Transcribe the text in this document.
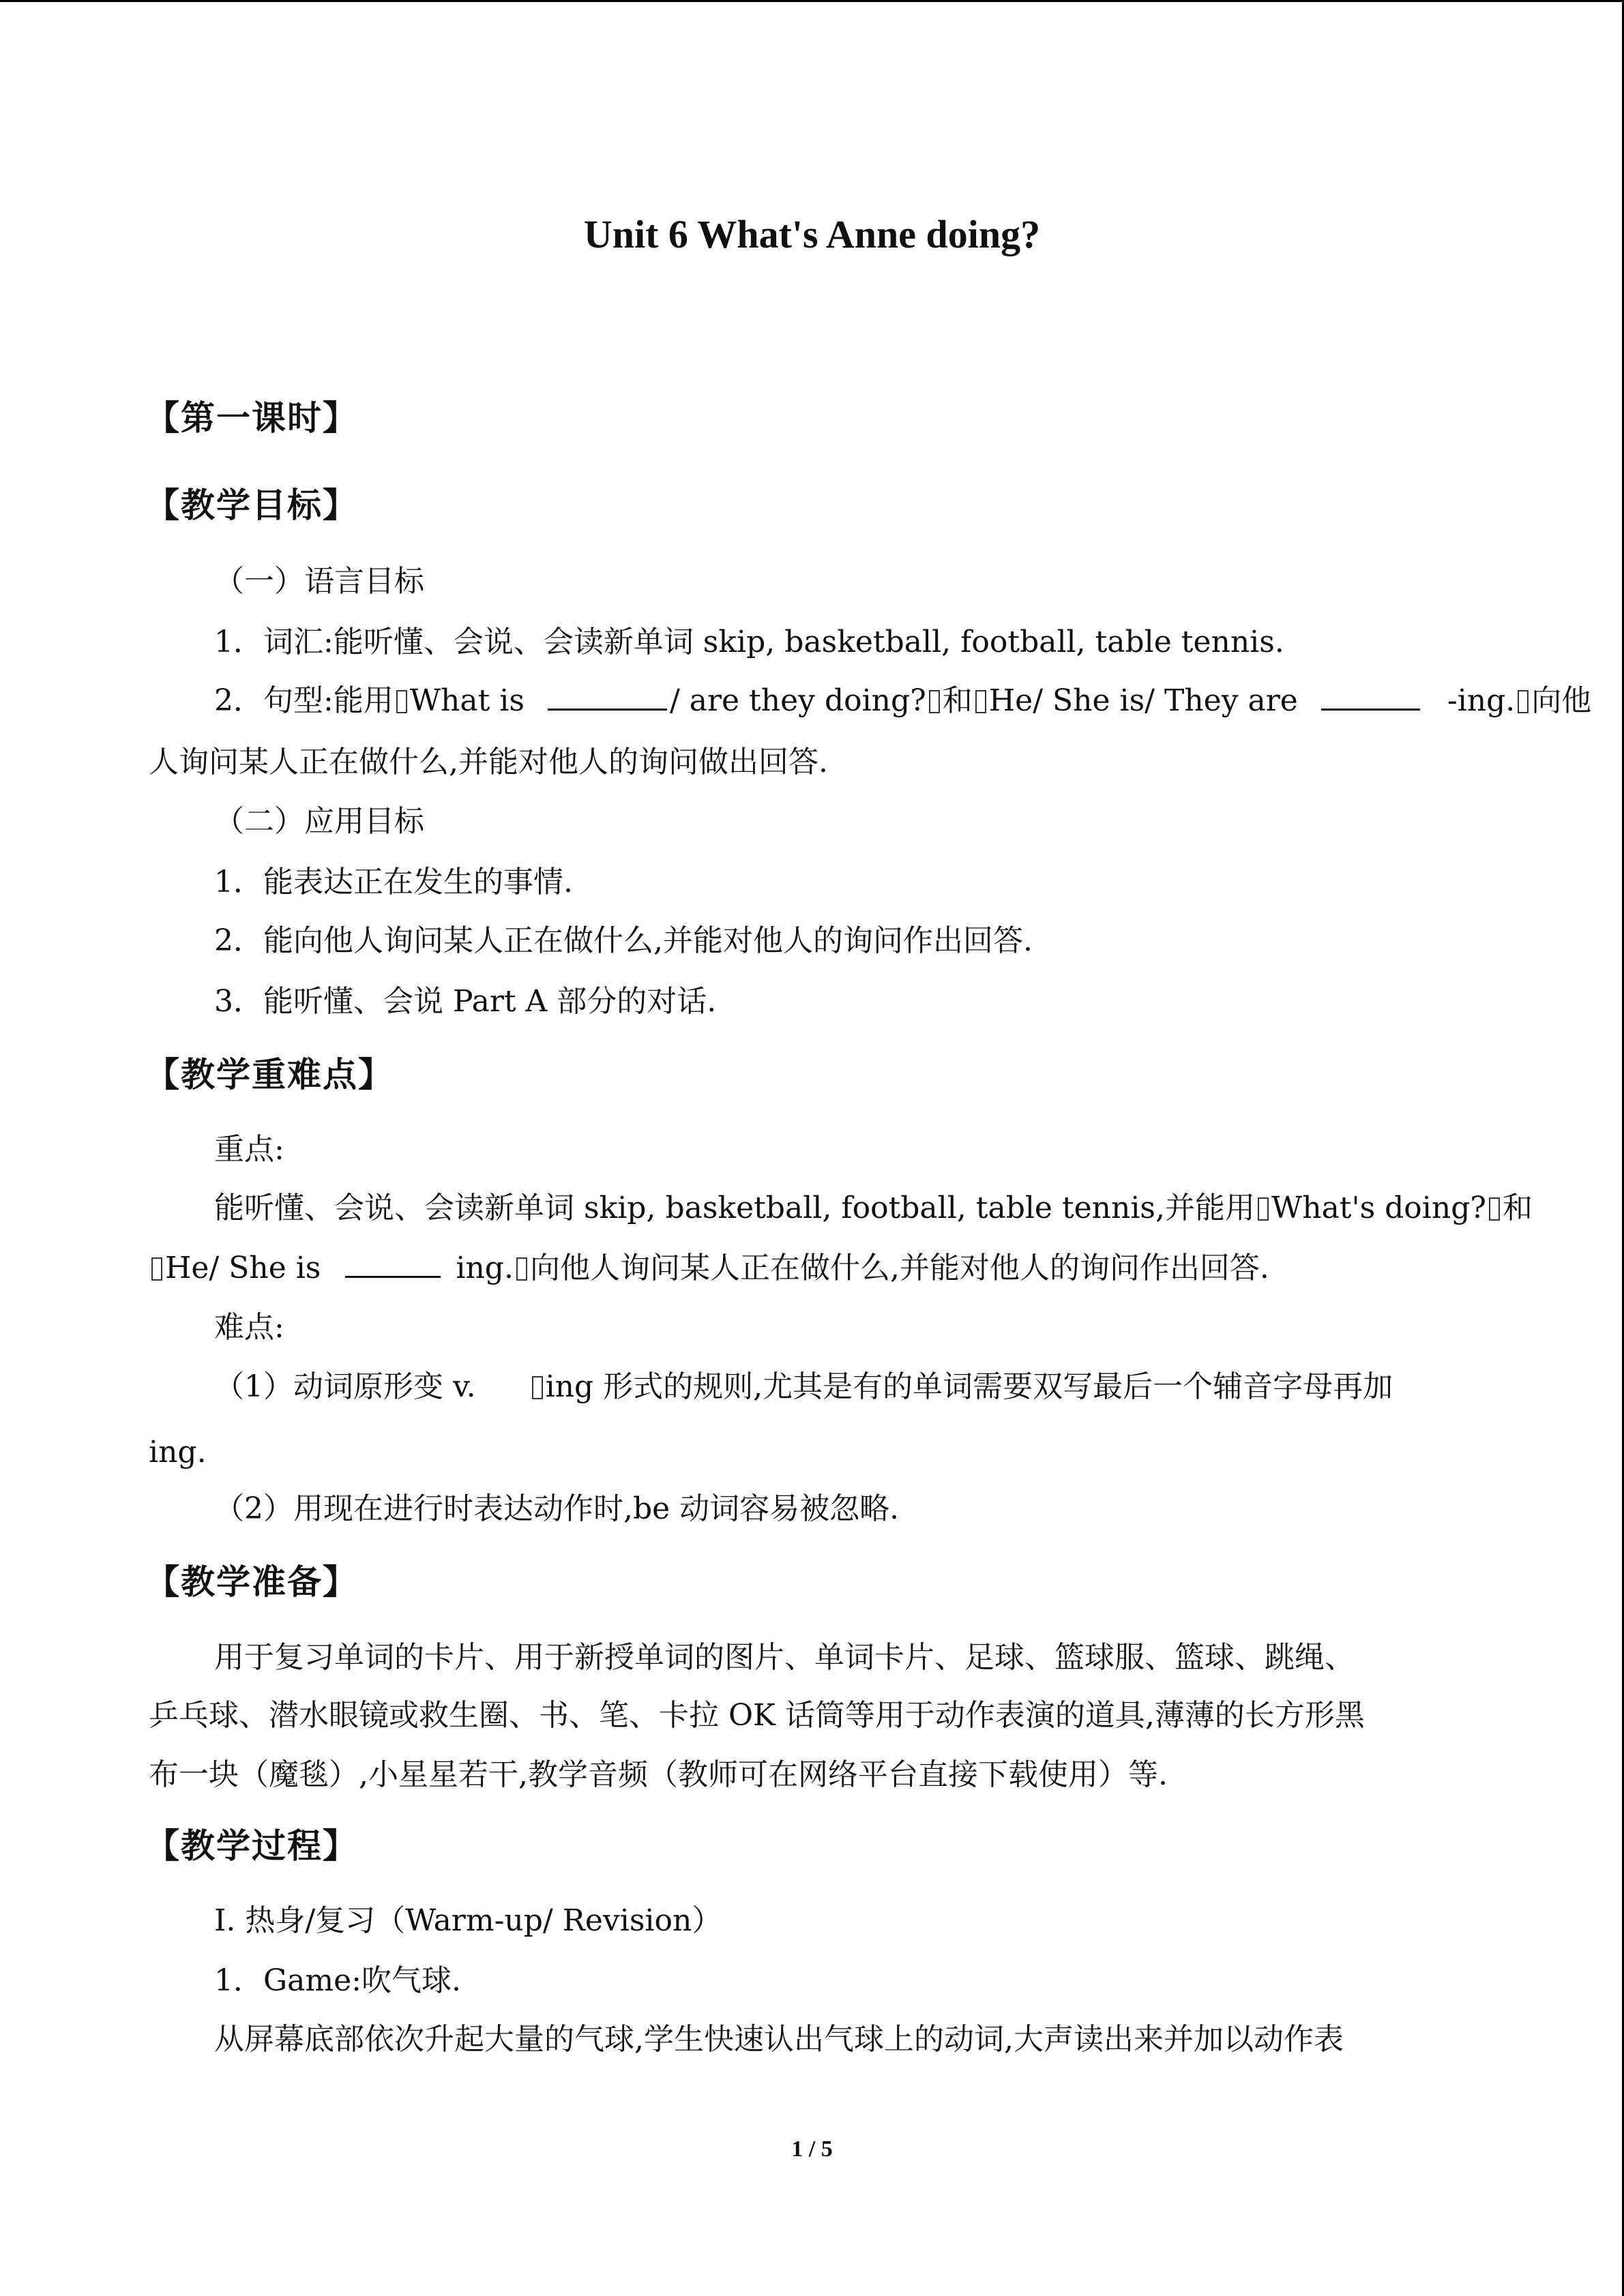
Unit 6 What's Anne doing?
【第一课时】
【教学目标】
（一）语言目标
1．词汇:能听懂、会说、会读新单词 skip, basketball, football, table tennis.
2．句型:能用 What is	/ are they doing? 和 He/ She is/ They are	-ing. 向他
人询问某人正在做什么,并能对他人的询问做出回答.
（二）应用目标
1．能表达正在发生的事情.
2．能向他人询问某人正在做什么,并能对他人的询问作出回答.
3．能听懂、会说 Part A 部分的对话.
【教学重难点】
重点:
能听懂、会说、会读新单词 skip, basketball, football, table tennis,并能用 What's doing? 和
He/ She is	ing. 向他人询问某人正在做什么,并能对他人的询问作出回答.
难点:
（1）动词原形变 v. ing 形式的规则,尤其是有的单词需要双写最后一个辅音字母再加
ing.
（2）用现在进行时表达动作时,be 动词容易被忽略.
【教学准备】
用于复习单词的卡片、用于新授单词的图片、单词卡片、足球、篮球服、篮球、跳绳、
乒乓球、潜水眼镜或救生圈、书、笔、卡拉 OK 话筒等用于动作表演的道具,薄薄的长方形黑
布一块（魔毯）,小星星若干,教学音频（教师可在网络平台直接下载使用）等.
【教学过程】
I. 热身/复习（Warm-up/ Revision）
1．Game:吹气球.
从屏幕底部依次升起大量的气球,学生快速认出气球上的动词,大声读出来并加以动作表
1 / 5
